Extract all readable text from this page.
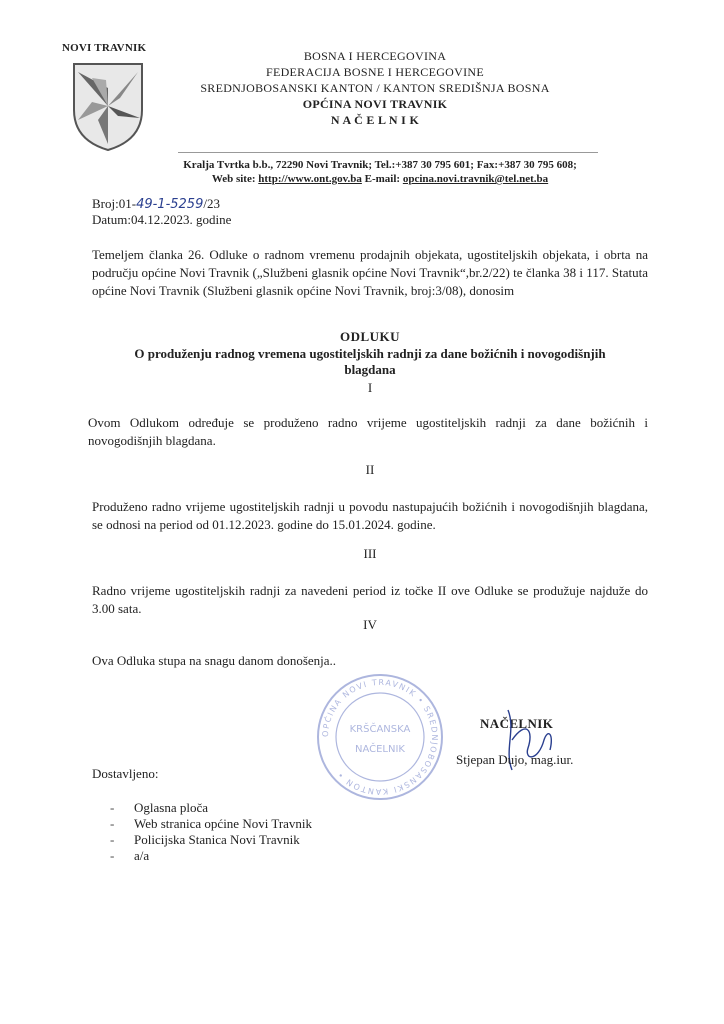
NOVI TRAVNIK
BOSNA I HERCEGOVINA
FEDERACIJA BOSNE I HERCEGOVINE
SREDNJOBOSANSKI KANTON / KANTON SREDIŠNJA BOSNA
OPĆINA NOVI TRAVNIK
N A Č E L N I K
Kralja Tvrtka b.b., 72290 Novi Travnik; Tel.:+387 30 795 601; Fax:+387 30 795 608;
Web site: http://www.ont.gov.ba E-mail: opcina.novi.travnik@tel.net.ba
Broj:01-49-1-5259/23
Datum:04.12.2023. godine
Temeljem članka 26. Odluke o radnom vremenu prodajnih objekata, ugostiteljskih objekata, i obrta na području općine Novi Travnik („Službeni glasnik općine Novi Travnik“,br.2/22) te članka 38 i 117. Statuta općine Novi Travnik (Službeni glasnik općine Novi Travnik, broj:3/08), donosim
ODLUKU
O produženju radnog vremena ugostiteljskih radnji za dane božićnih i novogodišnjih blagdana
I
Ovom Odlukom određuje se produženo radno vrijeme ugostiteljskih radnji za dane božićnih i novogodišnjih blagdana.
II
Produženo radno vrijeme ugostiteljskih radnji u povodu nastupajućih božićnih i novogodišnjih blagdana, se odnosi na period od 01.12.2023. godine do 15.01.2024. godine.
III
Radno vrijeme ugostiteljskih radnji za navedeni period iz točke II ove Odluke se produžuje najduže do 3.00 sata.
IV
Ova Odluka stupa na snagu danom donošenja..
OPĆINA NOVI TRAVNIK • SREDNJOBOSANSKI KANTON •
KRŠČANSKA
NAČELNIK
NAČELNIK
Stjepan Dujo, mag.iur.
Dostavljeno:
- Oglasna ploča
- Web stranica općine Novi Travnik
- Policijska Stanica Novi Travnik
- a/a
